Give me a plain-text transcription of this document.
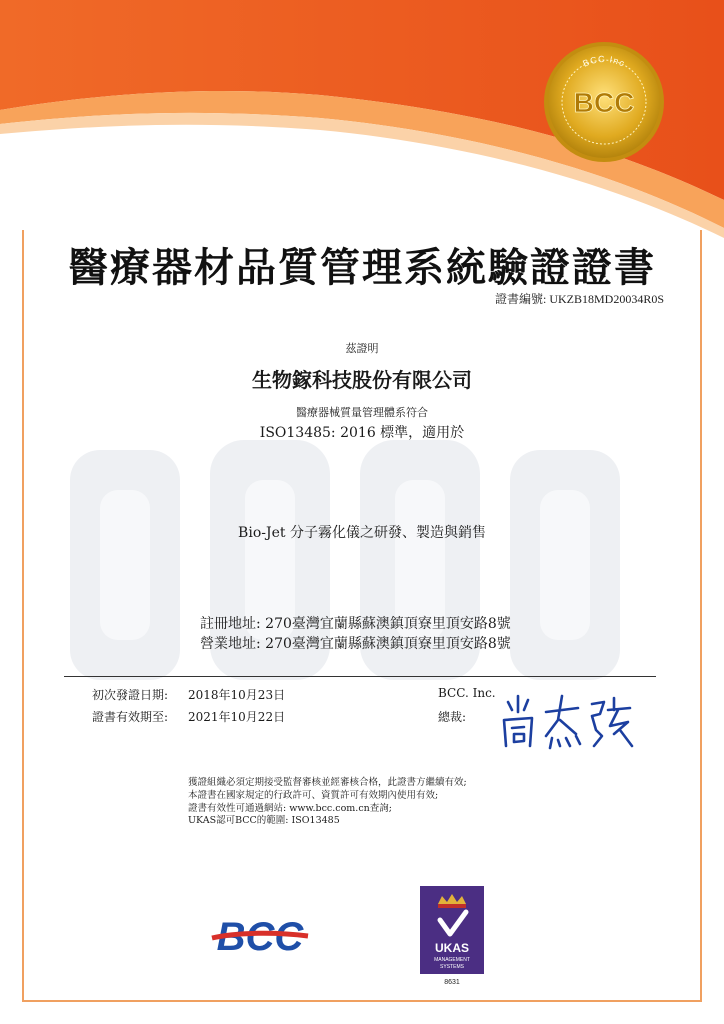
BCC Inc
BCC
醫療器材品質管理系統驗證證書
證書編號: UKZB18MD20034R0S
茲證明
生物鎵科技股份有限公司
醫療器械質量管理體系符合
ISO13485: 2016 標準，適用於
Bio-Jet 分子霧化儀之研發、製造與銷售
註冊地址: 270臺灣宜蘭縣蘇澳鎮頂寮里頂安路8號
營業地址: 270臺灣宜蘭縣蘇澳鎮頂寮里頂安路8號
初次發證日期: 2018年10月23日
證書有效期至: 2021年10月22日
BCC. Inc.
總裁:
獲證組織必須定期接受監督審核並經審核合格，此證書方繼續有效;
本證書在國家規定的行政許可、資質許可有效期內使用有效;
證書有效性可通過網站: www.bcc.com.cn查詢;
UKAS認可BCC的範圍: ISO13485
BCC	UKAS
MANAGEMENT
SYSTEMS
8631
